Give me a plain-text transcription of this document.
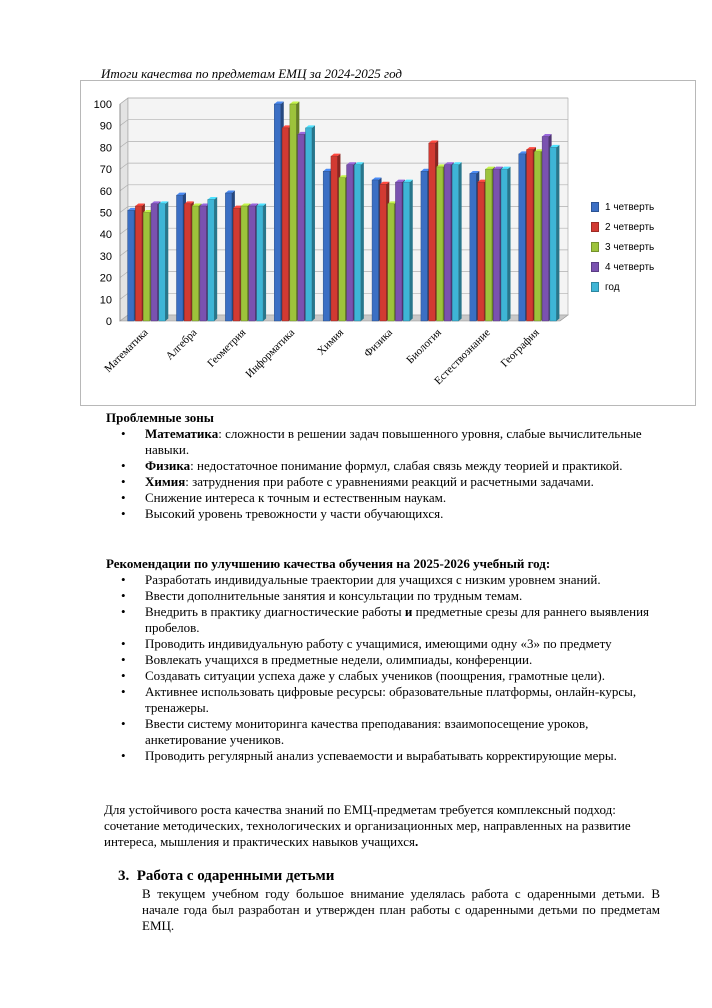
Итоги качества по предметам ЕМЦ за 2024-2025 год
0
10
20
30
40
50
60
70
80
90
100
Математика Алгебра Геометрия
Информатика Химия Физика Биология
Естествознание География
1 четверть
2 четверть
3 четверть
4 четверть
год
Проблемные зоны
• Математика: сложности в решении задач повышенного уровня, слабые вычислительные навыки.
• Физика: недостаточное понимание формул, слабая связь между теорией и практикой.
• Химия: затруднения при работе с уравнениями реакций и расчетными задачами.
• Снижение интереса к точным и естественным наукам.
• Высокий уровень тревожности у части обучающихся.
Рекомендации по улучшению качества обучения на 2025-2026 учебный год:
• Разработать индивидуальные траектории для учащихся с низким уровнем знаний.
• Ввести дополнительные занятия и консультации по трудным темам.
• Внедрить в практику диагностические работы и предметные срезы для раннего выявления пробелов.
• Проводить индивидуальную работу с учащимися, имеющими одну «3» по предмету
• Вовлекать учащихся в предметные недели, олимпиады, конференции.
• Создавать ситуации успеха даже у слабых учеников (поощрения, грамотные цели).
• Активнее использовать цифровые ресурсы: образовательные платформы, онлайн-курсы, тренажеры.
• Ввести систему мониторинга качества преподавания: взаимопосещение уроков, анкетирование учеников.
• Проводить регулярный анализ успеваемости и вырабатывать корректирующие меры.
Для устойчивого роста качества знаний по ЕМЦ-предметам требуется комплексный подход: сочетание методических, технологических и организационных мер, направленных на развитие интереса, мышления и практических навыков учащихся.
3. Работа с одаренными детьми
В текущем учебном году большое внимание уделялась работа с одаренными детьми. В начале года был разработан и утвержден план работы с одаренными детьми по предметам ЕМЦ.
